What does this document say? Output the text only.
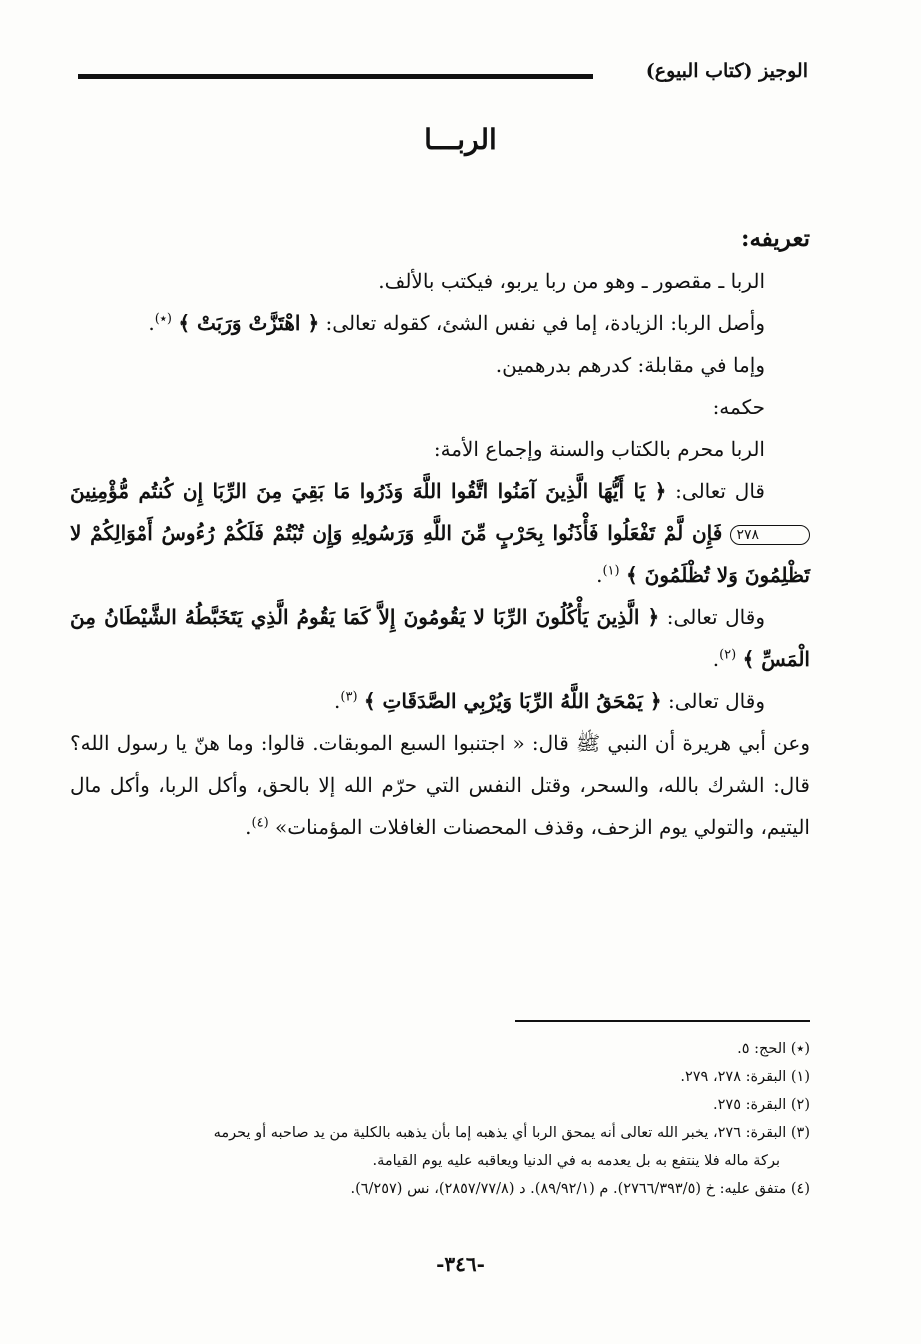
الوجيز (كتاب البيوع)
الربـــا

تعريفه:

الربا ـ مقصور ـ وهو من ربا يربو، فيكتب بالألف.

وأصل الربا: الزيادة، إما في نفس الشئ، كقوله تعالى: ﴿ اهْتَزَّتْ وَرَبَتْ ﴾ (٭).

وإما في مقابلة: كدرهم بدرهمين.

حكمه:

الربا محرم بالكتاب والسنة وإجماع الأمة:

قال تعالى: ﴿ يَا أَيُّهَا الَّذِينَ آمَنُوا اتَّقُوا اللَّهَ وَذَرُوا مَا بَقِيَ مِنَ الرِّبَا إِن كُنتُم مُّؤْمِنِينَ ٢٧٨ فَإِن لَّمْ تَفْعَلُوا فَأْذَنُوا بِحَرْبٍ مِّنَ اللَّهِ وَرَسُولِهِ وَإِن تُبْتُمْ فَلَكُمْ رُءُوسُ أَمْوَالِكُمْ لا تَظْلِمُونَ وَلا تُظْلَمُونَ ﴾ $^{(١)}$.

وقال تعالى: ﴿ الَّذِينَ يَأْكُلُونَ الرِّبَا لا يَقُومُونَ إِلاَّ كَمَا يَقُومُ الَّذِي يَتَخَبَّطُهُ الشَّيْطَانُ مِنَ الْمَسِّ ﴾ $^{(٢)}$.

وقال تعالى: ﴿ يَمْحَقُ اللَّهُ الرِّبَا وَيُرْبِي الصَّدَقَاتِ ﴾ $^{(٣)}$.

وعن أبي هريرة أن النبي ﷺ قال: « اجتنبوا السبع الموبقات. قالوا: وما هنّ يا رسول الله؟ قال: الشرك بالله، والسحر، وقتل النفس التي حرّم الله إلا بالحق، وأكل الربا، وأكل مال اليتيم، والتولي يوم الزحف، وقذف المحصنات الغافلات المؤمنات» $^{(٤)}$.

(٭) الحج: ٥.

(١) البقرة: ٢٧٨، ٢٧٩.

(٢) البقرة: ٢٧٥.

(٣) البقرة: ٢٧٦، يخبر الله تعالى أنه يمحق الربا أي يذهبه إما بأن يذهبه بالكلية من يد صاحبه أو يحرمه

بركة ماله فلا ينتفع به بل يعدمه به في الدنيا ويعاقبه عليه يوم القيامة.

(٤) متفق عليه: خ (٢٧٦٦/٣٩٣/٥). م (٨٩/٩٢/١). د (٢٨٥٧/٧٧/٨)، نس (٦/٢٥٧).

-٣٤٦-
